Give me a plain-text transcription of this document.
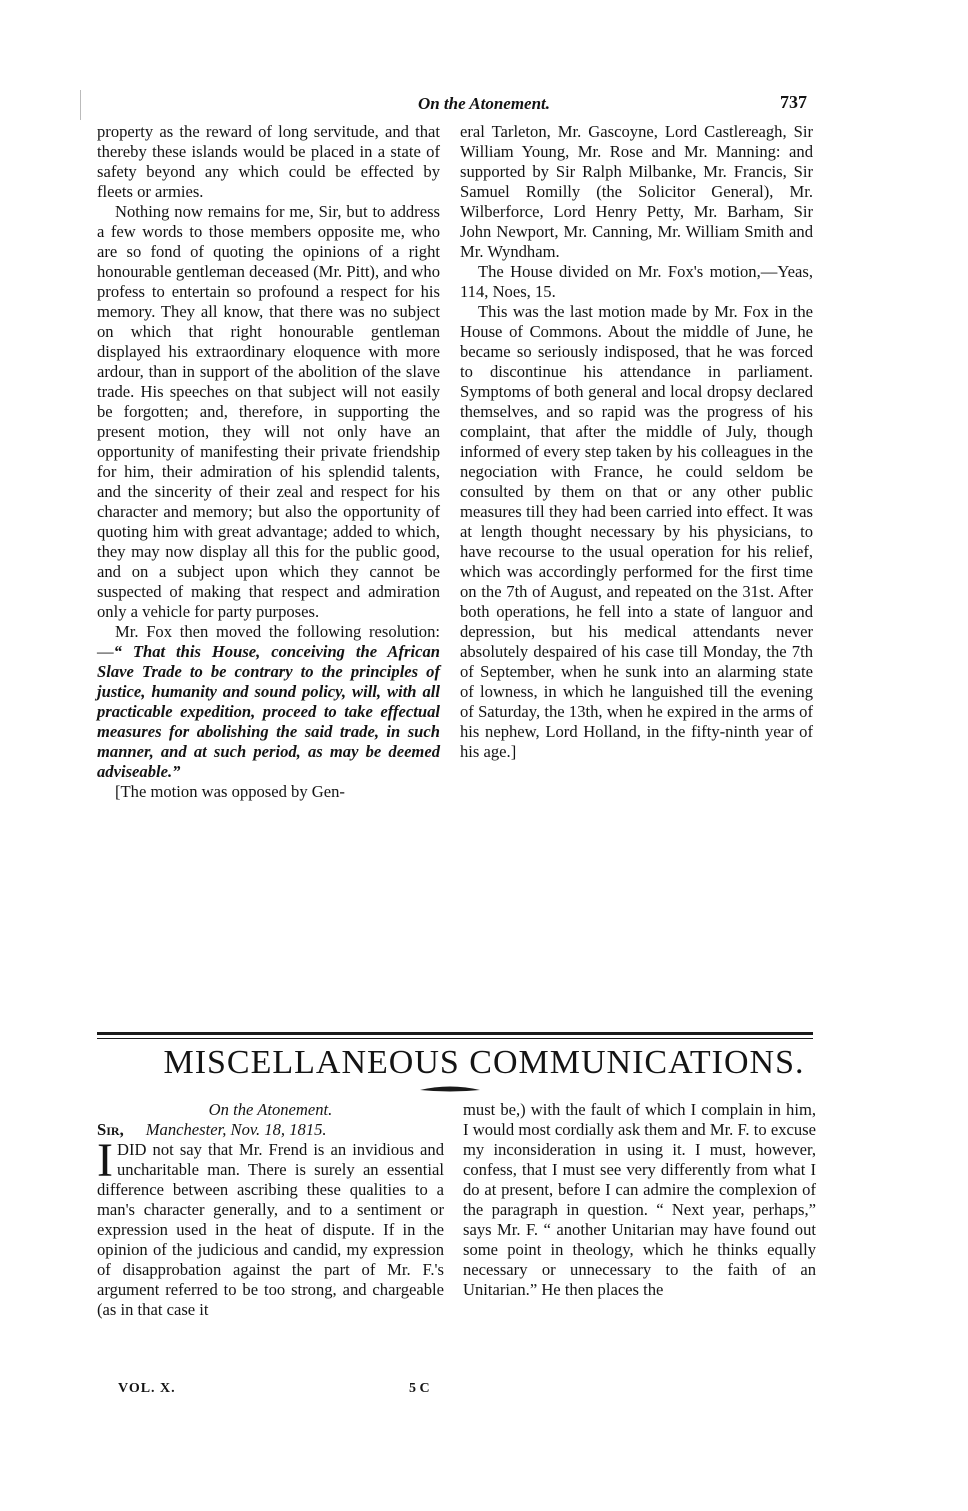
On the Atonement.	737

property as the reward of long servitude, and that thereby these islands would be placed in a state of safety beyond any which could be effected by fleets or armies.

Nothing now remains for me, Sir, but to address a few words to those members opposite me, who are so fond of quoting the opinions of a right honourable gentleman deceased (Mr. Pitt), and who profess to entertain so profound a respect for his memory. They all know, that there was no subject on which that right honourable gentleman displayed his extraordinary eloquence with more ardour, than in support of the abolition of the slave trade. His speeches on that subject will not easily be forgotten; and, therefore, in supporting the present motion, they will not only have an opportunity of manifesting their private friendship for him, their admiration of his splendid talents, and the sincerity of their zeal and respect for his character and memory; but also the opportunity of quoting him with great advantage; added to which, they may now display all this for the public good, and on a subject upon which they cannot be suspected of making that respect and admiration only a vehicle for party purposes.

Mr. Fox then moved the following resolution:—“ That this House, conceiving the African Slave Trade to be contrary to the principles of justice, humanity and sound policy, will, with all practicable expedition, proceed to take effectual measures for abolishing the said trade, in such manner, and at such period, as may be deemed adviseable.”

[The motion was opposed by Gen-

eral Tarleton, Mr. Gascoyne, Lord Castlereagh, Sir William Young, Mr. Rose and Mr. Manning: and supported by Sir Ralph Milbanke, Mr. Francis, Sir Samuel Romilly (the Solicitor General), Mr. Wilberforce, Lord Henry Petty, Mr. Barham, Sir John Newport, Mr. Canning, Mr. William Smith and Mr. Wyndham.

The House divided on Mr. Fox's motion,—Yeas, 114, Noes, 15.

This was the last motion made by Mr. Fox in the House of Commons. About the middle of June, he became so seriously indisposed, that he was forced to discontinue his attendance in parliament. Symptoms of both general and local dropsy declared themselves, and so rapid was the progress of his complaint, that after the middle of July, though informed of every step taken by his colleagues in the negociation with France, he could seldom be consulted by them on that or any other public measures till they had been carried into effect. It was at length thought necessary by his physicians, to have recourse to the usual operation for his relief, which was accordingly performed for the first time on the 7th of August, and repeated on the 31st. After both operations, he fell into a state of languor and depression, but his medical attendants never absolutely despaired of his case till Monday, the 7th of September, when he sunk into an alarming state of lowness, in which he languished till the evening of Saturday, the 13th, when he expired in the arms of his nephew, Lord Holland, in the fifty-ninth year of his age.]

MISCELLANEOUS COMMUNICATIONS.

On the Atonement.

Sir, Manchester, Nov. 18, 1815.

IDID not say that Mr. Frend is an invidious and uncharitable man. There is surely an essential difference between ascribing these qualities to a man's character generally, and to a sentiment or expression used in the heat of dispute. If in the opinion of the judicious and candid, my expression of disapprobation against the part of Mr. F.'s argument referred to be too strong, and chargeable (as in that case it

must be,) with the fault of which I complain in him, I would most cordially ask them and Mr. F. to excuse my inconsideration in using it. I must, however, confess, that I must see very differently from what I do at present, before I can admire the complexion of the paragraph in question. “ Next year, perhaps,” says Mr. F. “ another Unitarian may have found out some point in theology, which he thinks equally necessary or unnecessary to the faith of an Unitarian.” He then places the

VOL. X.	5 C
